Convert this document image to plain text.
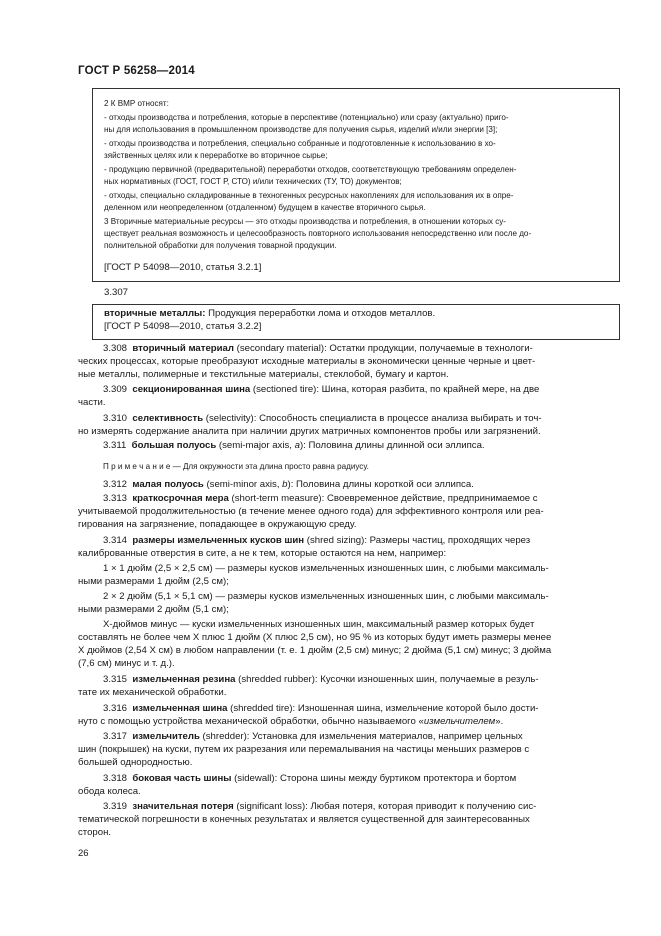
ГОСТ Р 56258—2014
2 К ВМР относят:
- отходы производства и потребления, которые в перспективе (потенциально) или сразу (актуально) приго-
ны для использования в промышленном производстве для получения сырья, изделий и/или энергии [3];
- отходы производства и потребления, специально собранные и подготовленные к использованию в хо-
зяйственных целях или к переработке во вторичное сырье;
- продукцию первичной (предварительной) переработки отходов, соответствующую требованиям определен-
ных нормативных (ГОСТ, ГОСТ Р, СТО) и/или технических (ТУ, ТО) документов;
- отходы, специально складированные в техногенных ресурсных накоплениях для использования их в опре-
деленном или неопределенном (отдаленном) будущем в качестве вторичного сырья.
3 Вторичные материальные ресурсы — это отходы производства и потребления, в отношении которых су-
ществует реальная возможность и целесообразность повторного использования непосредственно или после до-
полнительной обработки для получения товарной продукции.
[ГОСТ Р 54098—2010, статья 3.2.1]
3.307
вторичные металлы: Продукция переработки лома и отходов металлов.
[ГОСТ Р 54098—2010, статья 3.2.2]
3.308 вторичный материал (secondary material): Остатки продукции, получаемые в технологи-
ческих процессах, которые преобразуют исходные материалы в экономически ценные черные и цвет-
ные металлы, полимерные и текстильные материалы, стеклобой, бумагу и картон.
3.309 секционированная шина (sectioned tire): Шина, которая разбита, по крайней мере, на две
части.
3.310 селективность (selectivity): Способность специалиста в процессе анализа выбирать и точ-
но измерять содержание аналита при наличии других матричных компонентов пробы или загрязнений.
3.311 большая полуось (semi-major axis, a): Половина длины длинной оси эллипса.
П р и м е ч а н и е — Для окружности эта длина просто равна радиусу.
3.312 малая полуось (semi-minor axis, b): Половина длины короткой оси эллипса.
3.313 краткосрочная мера (short-term measure): Своевременное действие, предпринимаемое с
учитываемой продолжительностью (в течение менее одного года) для эффективного контроля или реа-
гирования на загрязнение, попадающее в окружающую среду.
3.314 размеры измельченных кусков шин (shred sizing): Размеры частиц, проходящих через
калиброванные отверстия в сите, а не к тем, которые остаются на нем, например:
1 × 1 дюйм (2,5 × 2,5 см) — размеры кусков измельченных изношенных шин, с любыми максималь-
ными размерами 1 дюйм (2,5 см);
2 × 2 дюйм (5,1 × 5,1 см) — размеры кусков измельченных изношенных шин, с любыми максималь-
ными размерами 2 дюйм (5,1 см);
X-дюймов минус — куски измельченных изношенных шин, максимальный размер которых будет
составлять не более чем X плюс 1 дюйм (X плюс 2,5 см), но 95 % из которых будут иметь размеры менее
X дюймов (2,54 X см) в любом направлении (т. е. 1 дюйм (2,5 см) минус; 2 дюйма (5,1 см) минус; 3 дюйма
(7,6 см) минус и т. д.).
3.315 измельченная резина (shredded rubber): Кусочки изношенных шин, получаемые в резуль-
тате их механической обработки.
3.316 измельченная шина (shredded tire): Изношенная шина, измельчение которой было дости-
нуто с помощью устройства механической обработки, обычно называемого «измельчителем».
3.317 измельчитель (shredder): Установка для измельчения материалов, например цельных
шин (покрышек) на куски, путем их разрезания или перемалывания на частицы меньших размеров с
большей однородностью.
3.318 боковая часть шины (sidewall): Сторона шины между буртиком протектора и бортом
обода колеса.
3.319 значительная потеря (significant loss): Любая потеря, которая приводит к получению сис-
тематической погрешности в конечных результатах и является существенной для заинтересованных
сторон.
26
